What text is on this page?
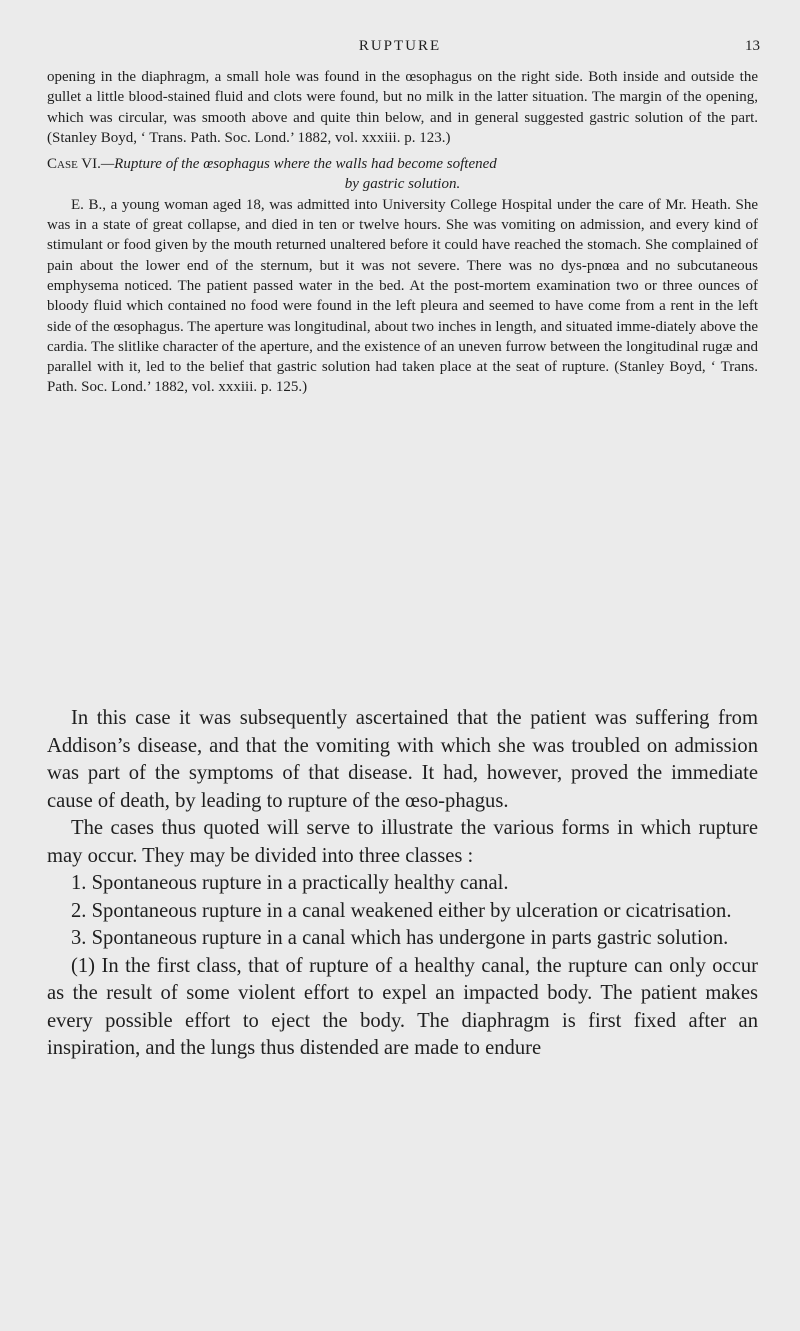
RUPTURE	13

opening in the diaphragm, a small hole was found in the œsophagus on the right side. Both inside and outside the gullet a little blood-stained fluid and clots were found, but no milk in the latter situation. The margin of the opening, which was circular, was smooth above and quite thin below, and in general suggested gastric solution of the part. (Stanley Boyd, ‘ Trans. Path. Soc. Lond.’ 1882, vol. xxxiii. p. 123.)

Case VI.—Rupture of the œsophagus where the walls had become softened
by gastric solution.

E. B., a young woman aged 18, was admitted into University College Hospital under the care of Mr. Heath. She was in a state of great collapse, and died in ten or twelve hours. She was vomiting on admission, and every kind of stimulant or food given by the mouth returned unaltered before it could have reached the stomach. She complained of pain about the lower end of the sternum, but it was not severe. There was no dys-pnœa and no subcutaneous emphysema noticed. The patient passed water in the bed. At the post-mortem examination two or three ounces of bloody fluid which contained no food were found in the left pleura and seemed to have come from a rent in the left side of the œsophagus. The aperture was longitudinal, about two inches in length, and situated imme-diately above the cardia. The slitlike character of the aperture, and the existence of an uneven furrow between the longitudinal rugæ and parallel with it, led to the belief that gastric solution had taken place at the seat of rupture. (Stanley Boyd, ‘ Trans. Path. Soc. Lond.’ 1882, vol. xxxiii. p. 125.)

In this case it was subsequently ascertained that the patient was suffering from Addison’s disease, and that the vomiting with which she was troubled on admission was part of the symptoms of that disease. It had, however, proved the immediate cause of death, by leading to rupture of the œso-phagus.

The cases thus quoted will serve to illustrate the various forms in which rupture may occur. They may be divided into three classes :

1. Spontaneous rupture in a practically healthy canal.

2. Spontaneous rupture in a canal weakened either by ulceration or cicatrisation.

3. Spontaneous rupture in a canal which has undergone in parts gastric solution.

(1) In the first class, that of rupture of a healthy canal, the rupture can only occur as the result of some violent effort to expel an impacted body. The patient makes every possible effort to eject the body. The diaphragm is first fixed after an inspiration, and the lungs thus distended are made to endure
